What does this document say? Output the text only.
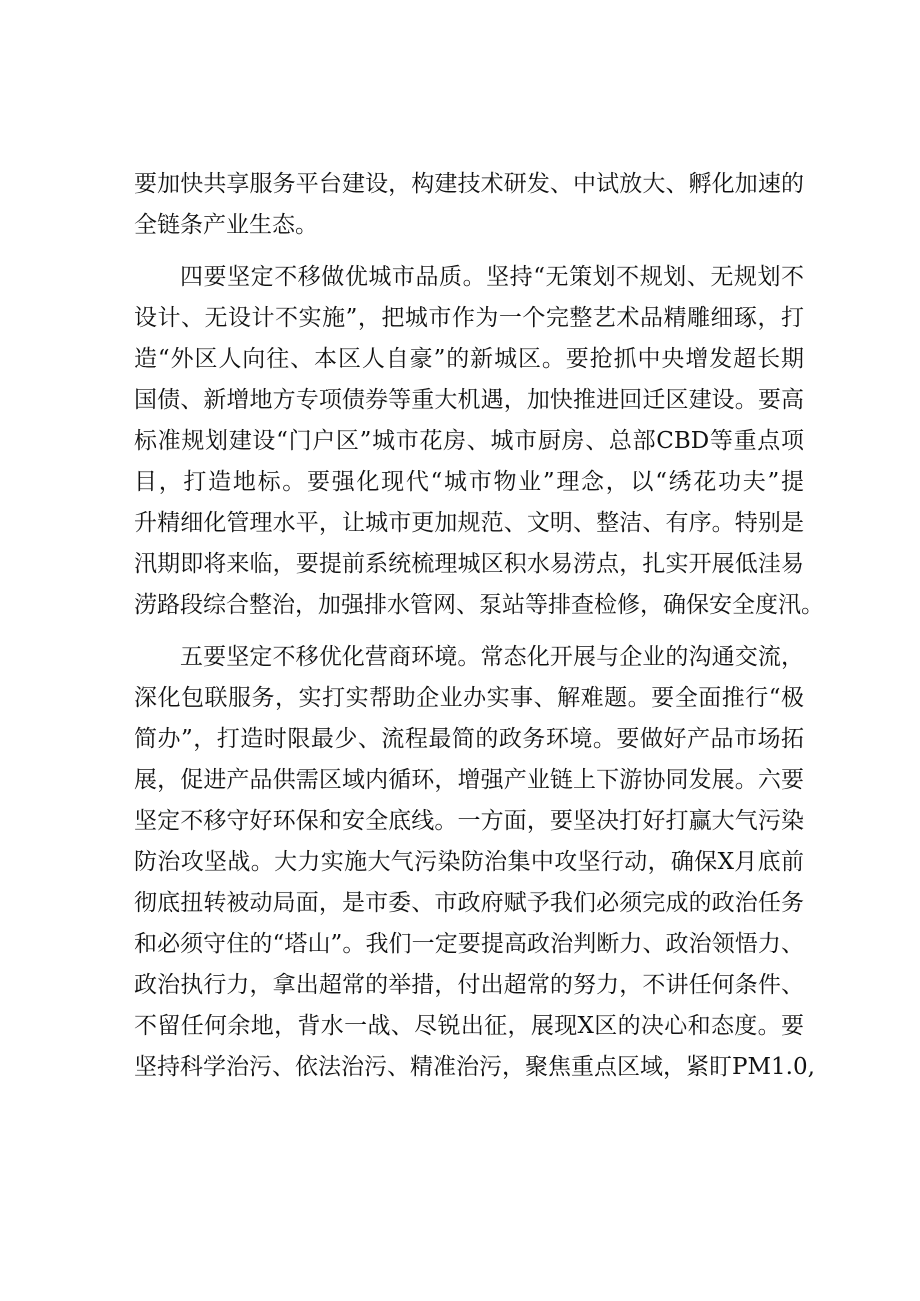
要加快共享服务平台建设，构建技术研发、中试放大、孵化加速的
全链条产业生态。
四要坚定不移做优城市品质。坚持“无策划不规划、无规划不
设计、无设计不实施”，把城市作为一个完整艺术品精雕细琢，打
造“外区人向往、本区人自豪”的新城区。要抢抓中央增发超长期
国债、新增地方专项债券等重大机遇，加快推进回迁区建设。要高
标准规划建设“门户区”城市花房、城市厨房、总部CBD等重点项
目，打造地标。要强化现代“城市物业”理念，以“绣花功夫”提
升精细化管理水平，让城市更加规范、文明、整洁、有序。特别是
汛期即将来临，要提前系统梳理城区积水易涝点，扎实开展低洼易
涝路段综合整治，加强排水管网、泵站等排查检修，确保安全度汛。
五要坚定不移优化营商环境。常态化开展与企业的沟通交流，
深化包联服务，实打实帮助企业办实事、解难题。要全面推行“极
简办”，打造时限最少、流程最简的政务环境。要做好产品市场拓
展，促进产品供需区域内循环，增强产业链上下游协同发展。六要
坚定不移守好环保和安全底线。一方面，要坚决打好打赢大气污染
防治攻坚战。大力实施大气污染防治集中攻坚行动，确保X月底前
彻底扭转被动局面，是市委、市政府赋予我们必须完成的政治任务
和必须守住的“塔山”。我们一定要提高政治判断力、政治领悟力、
政治执行力，拿出超常的举措，付出超常的努力，不讲任何条件、
不留任何余地，背水一战、尽锐出征，展现X区的决心和态度。要
坚持科学治污、依法治污、精准治污，聚焦重点区域，紧盯PM1.0,
